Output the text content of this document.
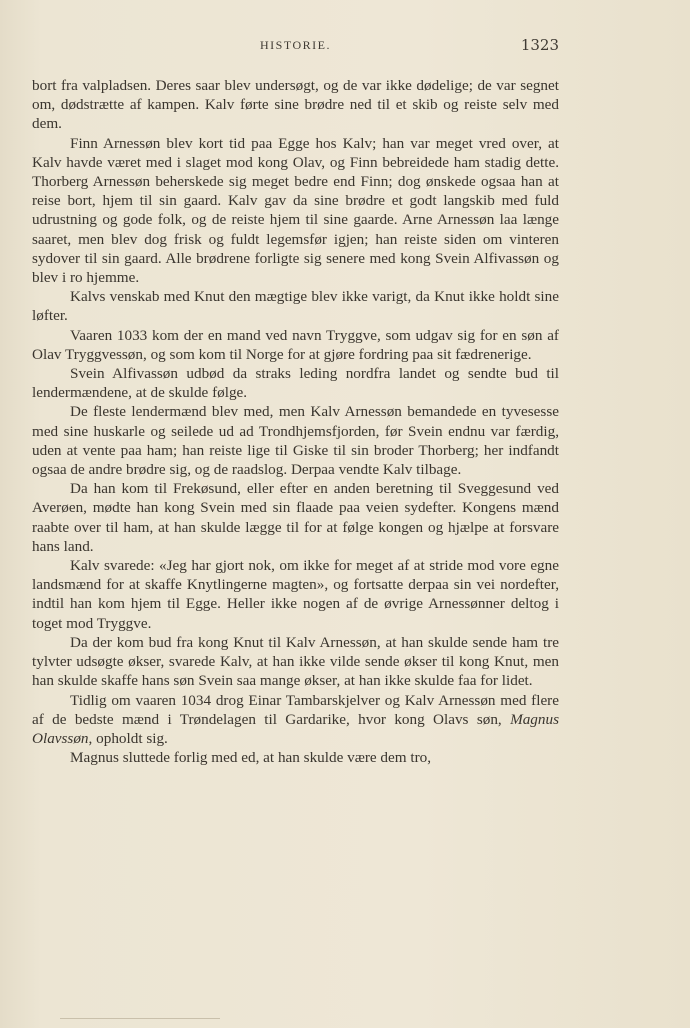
HISTORIE.	1323

bort fra valpladsen. Deres saar blev undersøgt, og de var ikke dødelige; de var segnet om, dødstrætte af kampen. Kalv førte sine brødre ned til et skib og reiste selv med dem.

Finn Arnessøn blev kort tid paa Egge hos Kalv; han var meget vred over, at Kalv havde været med i slaget mod kong Olav, og Finn bebreidede ham stadig dette. Thorberg Arnessøn beherskede sig meget bedre end Finn; dog ønskede ogsaa han at reise bort, hjem til sin gaard. Kalv gav da sine brødre et godt langskib med fuld udrustning og gode folk, og de reiste hjem til sine gaarde. Arne Arnessøn laa længe saaret, men blev dog frisk og fuldt legemsfør igjen; han reiste siden om vinteren sydover til sin gaard. Alle brødrene forligte sig senere med kong Svein Alfivassøn og blev i ro hjemme.

Kalvs venskab med Knut den mægtige blev ikke varigt, da Knut ikke holdt sine løfter.

Vaaren 1033 kom der en mand ved navn Tryggve, som udgav sig for en søn af Olav Tryggvessøn, og som kom til Norge for at gjøre fordring paa sit fædrenerige.

Svein Alfivassøn udbød da straks leding nordfra landet og sendte bud til lendermændene, at de skulde følge.

De fleste lendermænd blev med, men Kalv Arnessøn bemandede en tyvesesse med sine huskarle og seilede ud ad Trondhjemsfjorden, før Svein endnu var færdig, uden at vente paa ham; han reiste lige til Giske til sin broder Thorberg; her indfandt ogsaa de andre brødre sig, og de raadslog. Derpaa vendte Kalv tilbage.

Da han kom til Frekøsund, eller efter en anden beretning til Sveggesund ved Averøen, mødte han kong Svein med sin flaade paa veien sydefter. Kongens mænd raabte over til ham, at han skulde lægge til for at følge kongen og hjælpe at forsvare hans land.

Kalv svarede: «Jeg har gjort nok, om ikke for meget af at stride mod vore egne landsmænd for at skaffe Knytlingerne magten», og fortsatte derpaa sin vei nordefter, indtil han kom hjem til Egge. Heller ikke nogen af de øvrige Arnessønner deltog i toget mod Tryggve.

Da der kom bud fra kong Knut til Kalv Arnessøn, at han skulde sende ham tre tylvter udsøgte økser, svarede Kalv, at han ikke vilde sende økser til kong Knut, men han skulde skaffe hans søn Svein saa mange økser, at han ikke skulde faa for lidet.

Tidlig om vaaren 1034 drog Einar Tambarskjelver og Kalv Arnessøn med flere af de bedste mænd i Trøndelagen til Gardarike, hvor kong Olavs søn, Magnus Olavssøn, opholdt sig.

Magnus sluttede forlig med ed, at han skulde være dem tro,
